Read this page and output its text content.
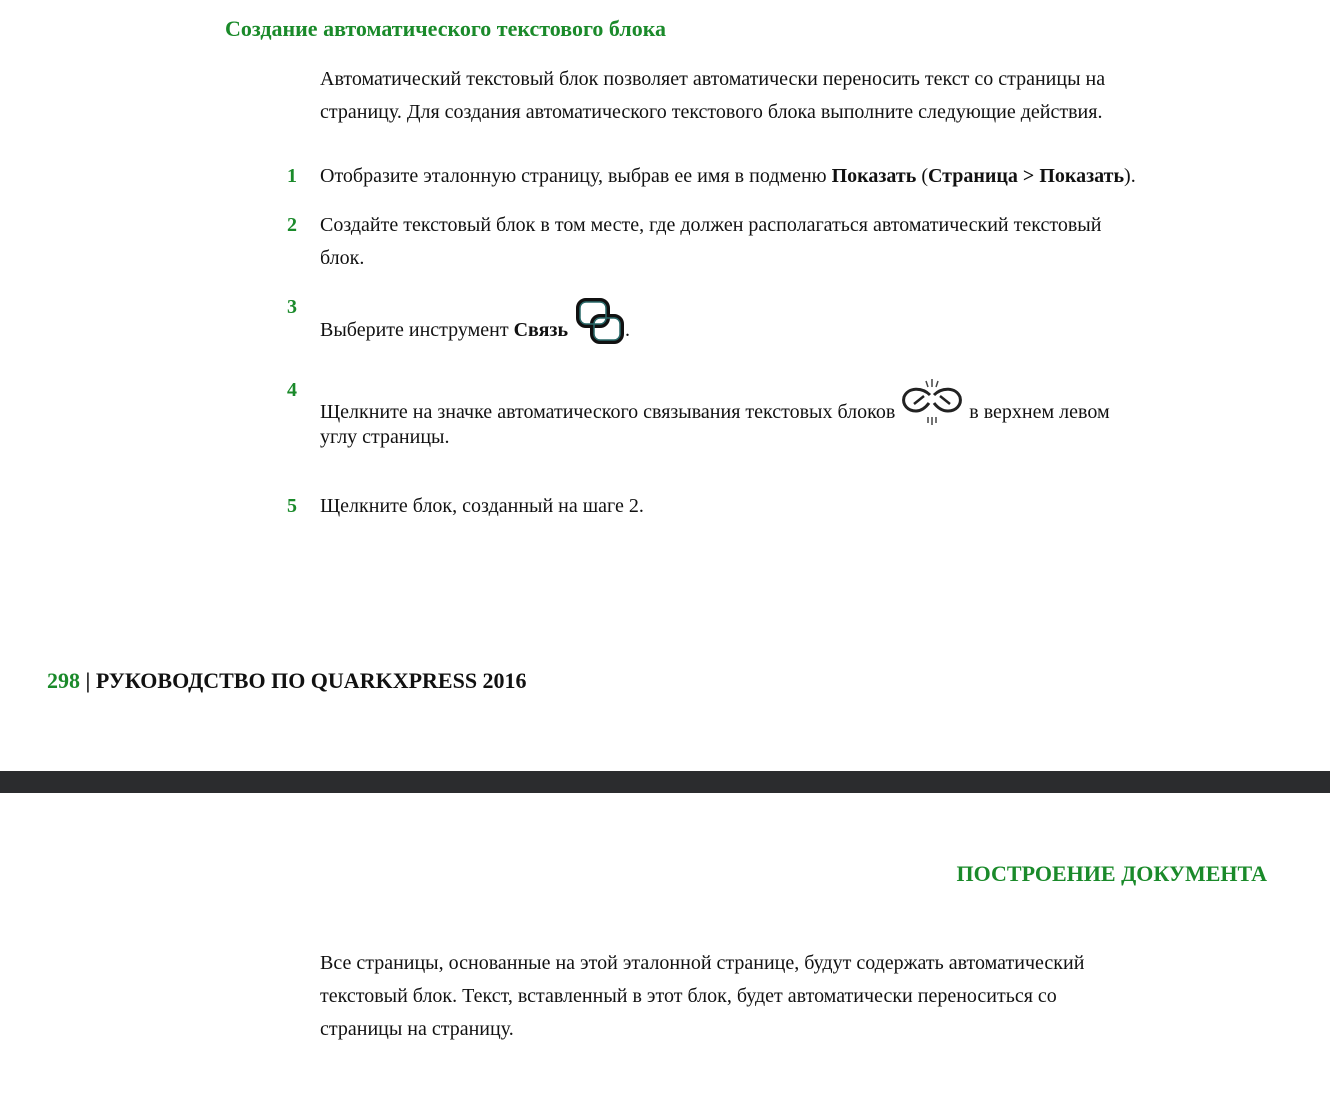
Создание автоматического текстового блока
Автоматический текстовый блок позволяет автоматически переносить текст со страницы на
страницу. Для создания автоматического текстового блока выполните следующие действия.
1 Отобразите эталонную страницу, выбрав ее имя в подменю Показать (Страница > Показать).
2 Создайте текстовый блок в том месте, где должен располагаться автоматический текстовый
блок.
3
Выберите инструмент Связь	.
4
Щелкните на значке автоматического связывания текстовых блоков	в верхнем левом
углу страницы.
5 Щелкните блок, созданный на шаге 2.
298 | РУКОВОДСТВО ПО QUARKXPRESS 2016
ПОСТРОЕНИЕ ДОКУМЕНТА
Все страницы, основанные на этой эталонной странице, будут содержать автоматический
текстовый блок. Текст, вставленный в этот блок, будет автоматически переноситься со
страницы на страницу.
